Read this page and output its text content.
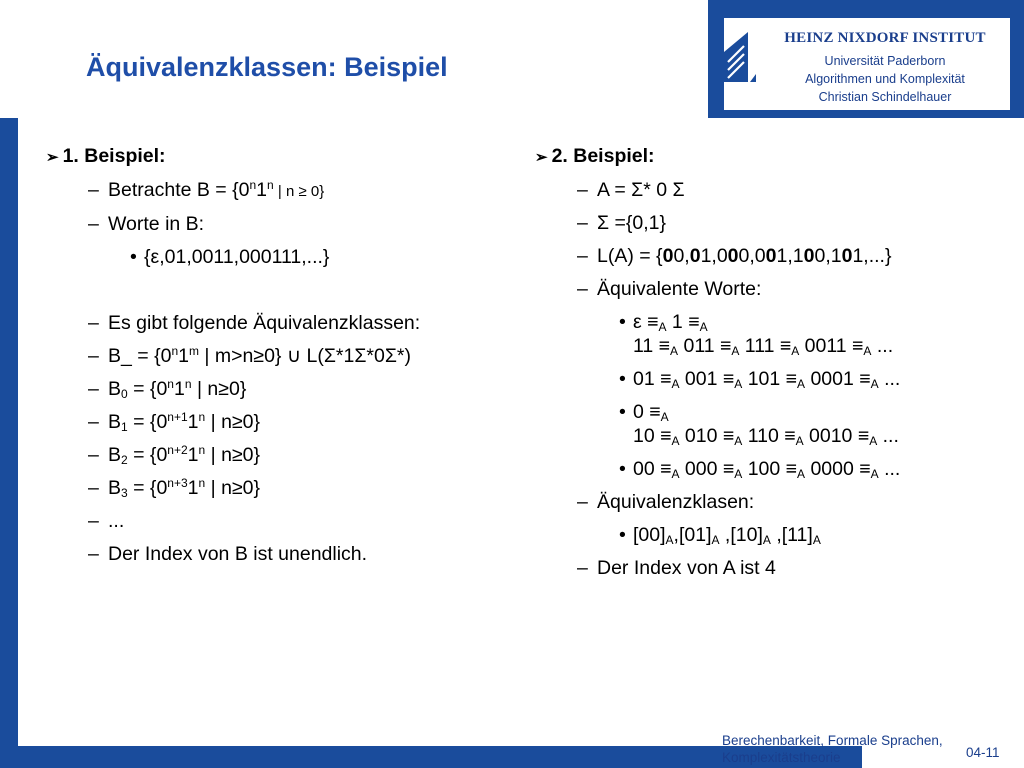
HEINZ NIXDORF INSTITUT
Universität Paderborn
Algorithmen und Komplexität
Christian Schindelhauer
Äquivalenzklassen: Beispiel
Berechenbarkeit, Formale Sprachen, Komplexitätstheorie	04-11
➢ 1. Beispiel:
– Betrachte $B = \{0^n1^n$ | n ≥ 0}
– Worte in B:
• {ε,01,0011,000111,...}
– Es gibt folgende Äquivalenzklassen:
– B_ = {$0^n1^m$ | m>n≥0} ∪ L(Σ*1Σ*0Σ*)
– $B_0 = \{0^n1^n$ | n≥0}
– $B_1 = \{0^{n+1}1^n$ | n≥0}
– $B_2 = \{0^{n+2}1^n$ | n≥0}
– $B_3 = \{0^{n+3}1^n$ | n≥0}
– ...
– Der Index von B ist unendlich.
➢ 2. Beispiel:
– A = Σ* 0 Σ
– Σ ={0,1}
– L(A) = {00,01,000,001,100,101,...}
– Äquivalente Worte:
• $\varepsilon \equiv_A$ $1 \equiv_A$
$11 \equiv_A$ $011 \equiv_A$ $111 \equiv_A$ $0011 \equiv_A$ ...
• $01 \equiv_A$ $001 \equiv_A$ $101 \equiv_A$ $0001 \equiv_A$ ...
• $0 \equiv_A$
$10 \equiv_A$ $010 \equiv_A$ $110 \equiv_A$ $0010 \equiv_A$ ...
• $00 \equiv_A$ $000 \equiv_A$ $100 \equiv_A$ $0000 \equiv_A$ ...
– Äquivalenzklasen:
• $[00]_A,[01]_A$ $,[10]_A$ $,[11]_A$
– Der Index von A ist 4
